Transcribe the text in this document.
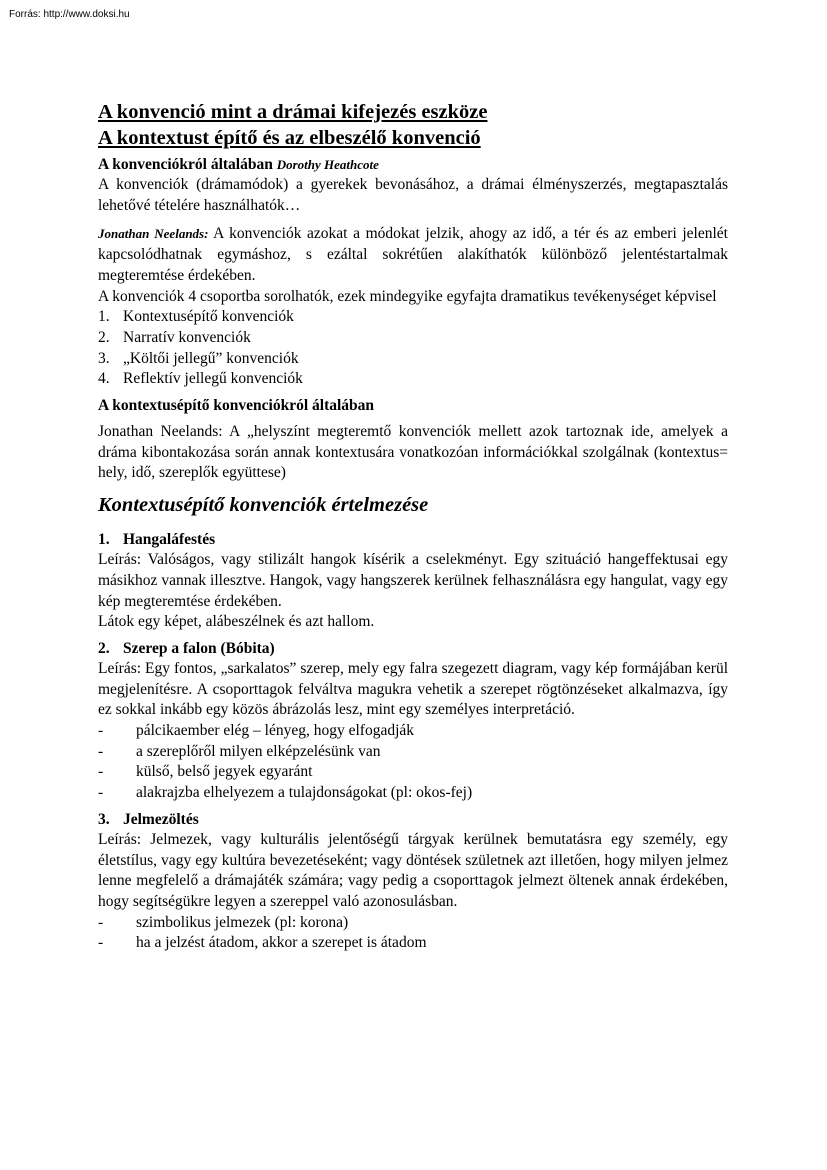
Forrás: http://www.doksi.hu
A konvenció mint a drámai kifejezés eszköze
A kontextust építő és az elbeszélő konvenció
A konvenciókról általában Dorothy Heathcote

A konvenciók (drámamódok) a gyerekek bevonásához, a drámai élményszerzés, megtapasztalás lehetővé tételére használhatók…

Jonathan Neelands: A konvenciók azokat a módokat jelzik, ahogy az idő, a tér és az emberi jelenlét kapcsolódhatnak egymáshoz, s ezáltal sokrétűen alakíthatók különböző jelentéstartalmak megteremtése érdekében.

A konvenciók 4 csoportba sorolhatók, ezek mindegyike egyfajta dramatikus tevékenységet képvisel

1. Kontextusépítő konvenciók
2. Narratív konvenciók
3. „Költői jellegű” konvenciók
4. Reflektív jellegű konvenciók
A kontextusépítő konvenciókról általában

Jonathan Neelands: A „helyszínt megteremtő konvenciók mellett azok tartoznak ide, amelyek a dráma kibontakozása során annak kontextusára vonatkozóan információkkal szolgálnak (kontextus= hely, idő, szereplők együttese)

Kontextusépítő konvenciók értelmezése
1. Hangaláfestés

Leírás: Valóságos, vagy stilizált hangok kísérik a cselekményt. Egy szituáció hangeffektusai egy másikhoz vannak illesztve. Hangok, vagy hangszerek kerülnek felhasználásra egy hangulat, vagy egy kép megteremtése érdekében.

Látok egy képet, alábeszélnek és azt hallom.

2. Szerep a falon (Bóbita)

Leírás: Egy fontos, „sarkalatos” szerep, mely egy falra szegezett diagram, vagy kép formájában kerül megjelenítésre. A csoporttagok felváltva magukra vehetik a szerepet rögtönzéseket alkalmazva, így ez sokkal inkább egy közös ábrázolás lesz, mint egy személyes interpretáció.

-	pálcikaember elég – lényeg, hogy elfogadják
-	a szereplőről milyen elképzelésünk van
-	külső, belső jegyek egyaránt
-	alakrajzba elhelyezem a tulajdonságokat (pl: okos-fej)
3. Jelmezöltés

Leírás: Jelmezek, vagy kulturális jelentőségű tárgyak kerülnek bemutatásra egy személy, egy életstílus, vagy egy kultúra bevezetéseként; vagy döntések születnek azt illetően, hogy milyen jelmez lenne megfelelő a drámajáték számára; vagy pedig a csoporttagok jelmezt öltenek annak érdekében, hogy segítségükre legyen a szereppel való azonosulásban.

-	szimbolikus jelmezek (pl: korona)
-	ha a jelzést átadom, akkor a szerepet is átadom
